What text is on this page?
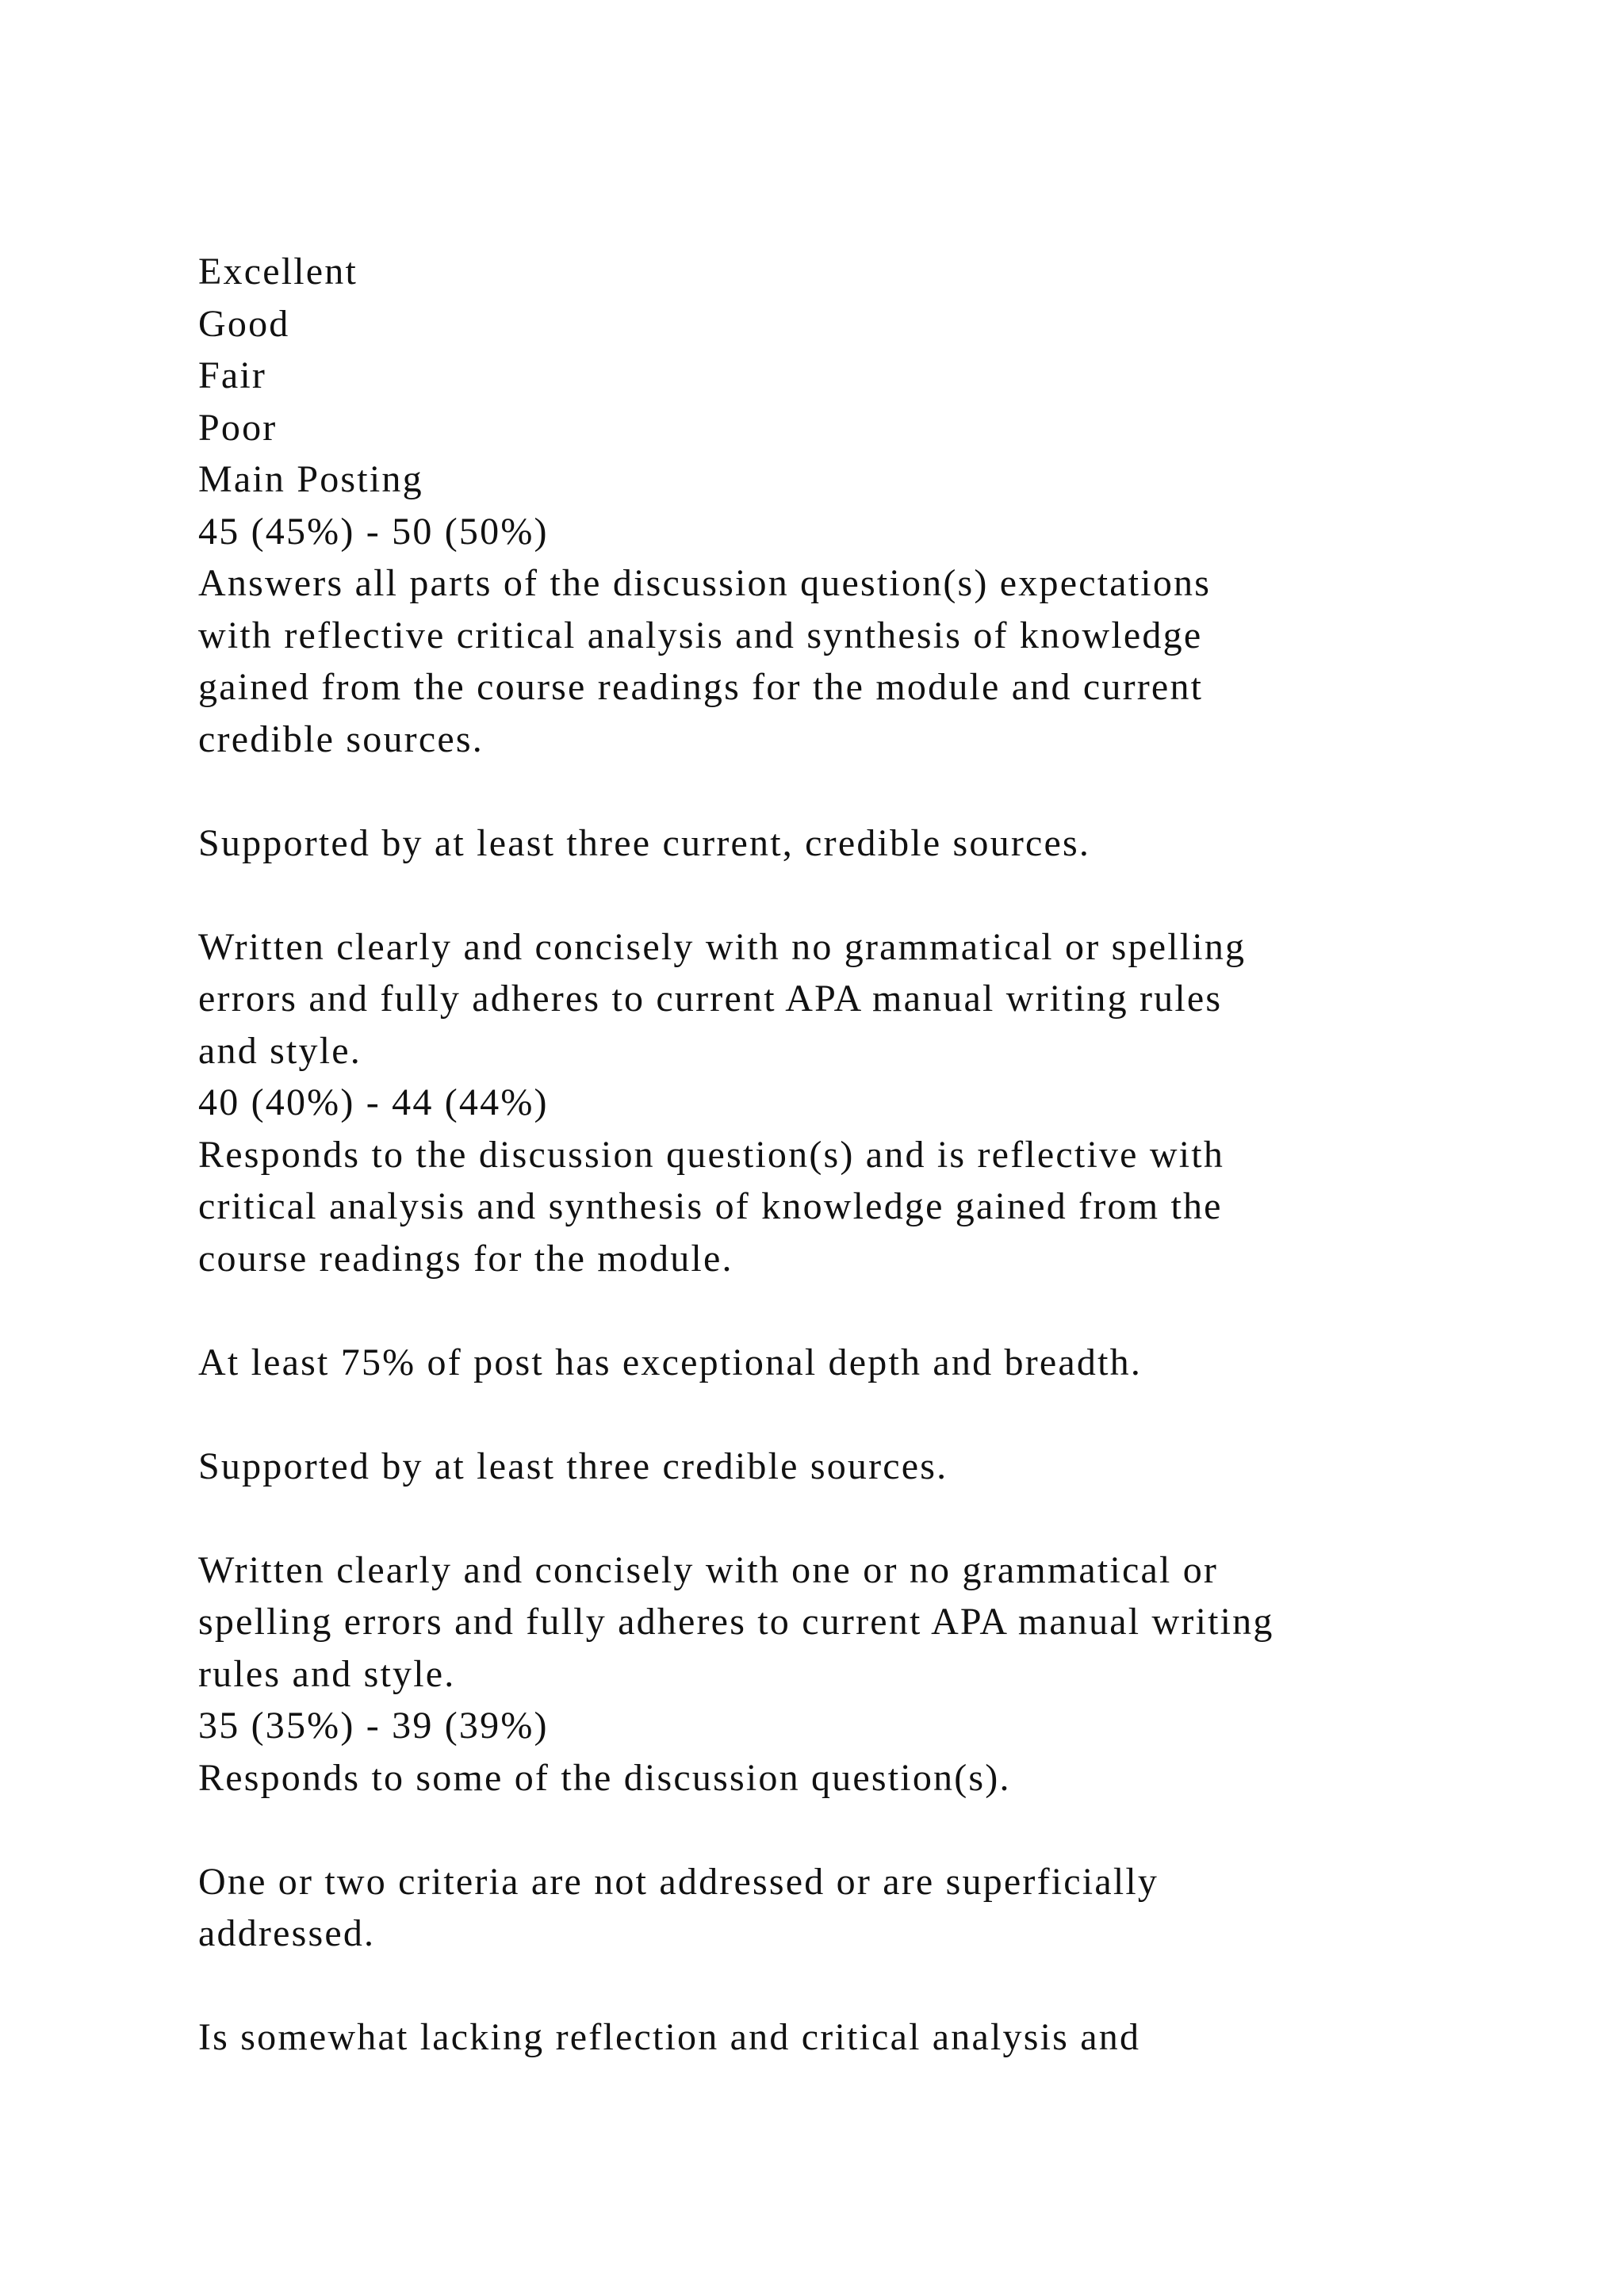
Excellent
Good
Fair
Poor
Main Posting
45 (45%) - 50 (50%)
Answers all parts of the discussion question(s) expectations
with reflective critical analysis and synthesis of knowledge
gained from the course readings for the module and current
credible sources.
Supported by at least three current, credible sources.
Written clearly and concisely with no grammatical or spelling
errors and fully adheres to current APA manual writing rules
and style.
40 (40%) - 44 (44%)
Responds to the discussion question(s) and is reflective with
critical analysis and synthesis of knowledge gained from the
course readings for the module.
At least 75% of post has exceptional depth and breadth.
Supported by at least three credible sources.
Written clearly and concisely with one or no grammatical or
spelling errors and fully adheres to current APA manual writing
rules and style.
35 (35%) - 39 (39%)
Responds to some of the discussion question(s).
One or two criteria are not addressed or are superficially
addressed.
Is somewhat lacking reflection and critical analysis and
